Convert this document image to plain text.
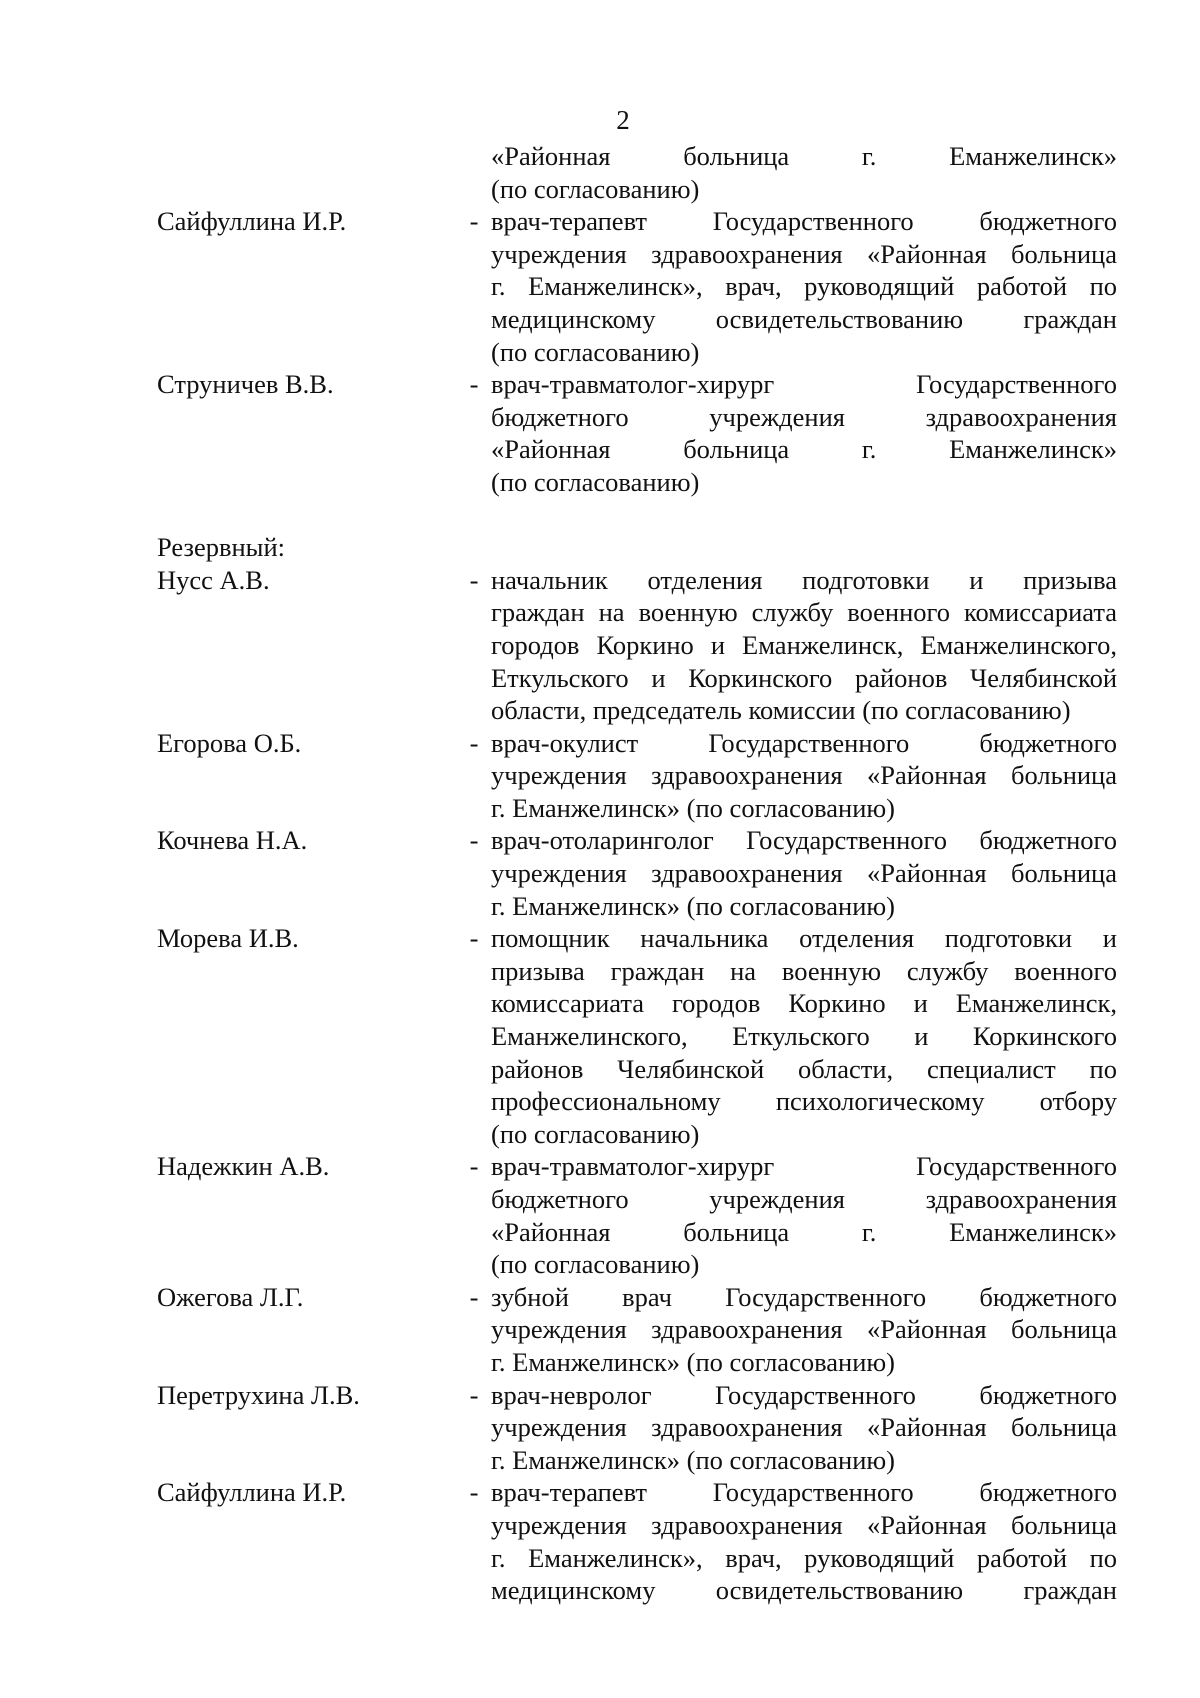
2
«Районная больница г. Еманжелинск»
(по согласованию)
Сайфуллина И.Р.	- врач-терапевт Государственного бюджетного
учреждения здравоохранения «Районная больница
г. Еманжелинск», врач, руководящий работой по
медицинскому освидетельствованию граждан
(по согласованию)
Струничев В.В.	- врач-травматолог-хирург Государственного
бюджетного учреждения здравоохранения
«Районная больница г. Еманжелинск»
(по согласованию)
Резервный:
Нусс А.В.	- начальник отделения подготовки и призыва
граждан на военную службу военного комиссариата
городов Коркино и Еманжелинск, Еманжелинского,
Еткульского и Коркинского районов Челябинской
области, председатель комиссии (по согласованию)
Егорова О.Б.	- врач-окулист Государственного бюджетного
учреждения здравоохранения «Районная больница
г. Еманжелинск» (по согласованию)
Кочнева Н.А.	- врач-отоларинголог Государственного бюджетного
учреждения здравоохранения «Районная больница
г. Еманжелинск» (по согласованию)
Морева И.В.	- помощник начальника отделения подготовки и
призыва граждан на военную службу военного
комиссариата городов Коркино и Еманжелинск,
Еманжелинского, Еткульского и Коркинского
районов Челябинской области, специалист по
профессиональному психологическому отбору
(по согласованию)
Надежкин А.В.	- врач-травматолог-хирург Государственного
бюджетного учреждения здравоохранения
«Районная больница г. Еманжелинск»
(по согласованию)
Ожегова Л.Г.	- зубной врач Государственного бюджетного
учреждения здравоохранения «Районная больница
г. Еманжелинск» (по согласованию)
Перетрухина Л.В.	- врач-невролог Государственного бюджетного
учреждения здравоохранения «Районная больница
г. Еманжелинск» (по согласованию)
Сайфуллина И.Р.	- врач-терапевт Государственного бюджетного
учреждения здравоохранения «Районная больница
г. Еманжелинск», врач, руководящий работой по
медицинскому освидетельствованию граждан
